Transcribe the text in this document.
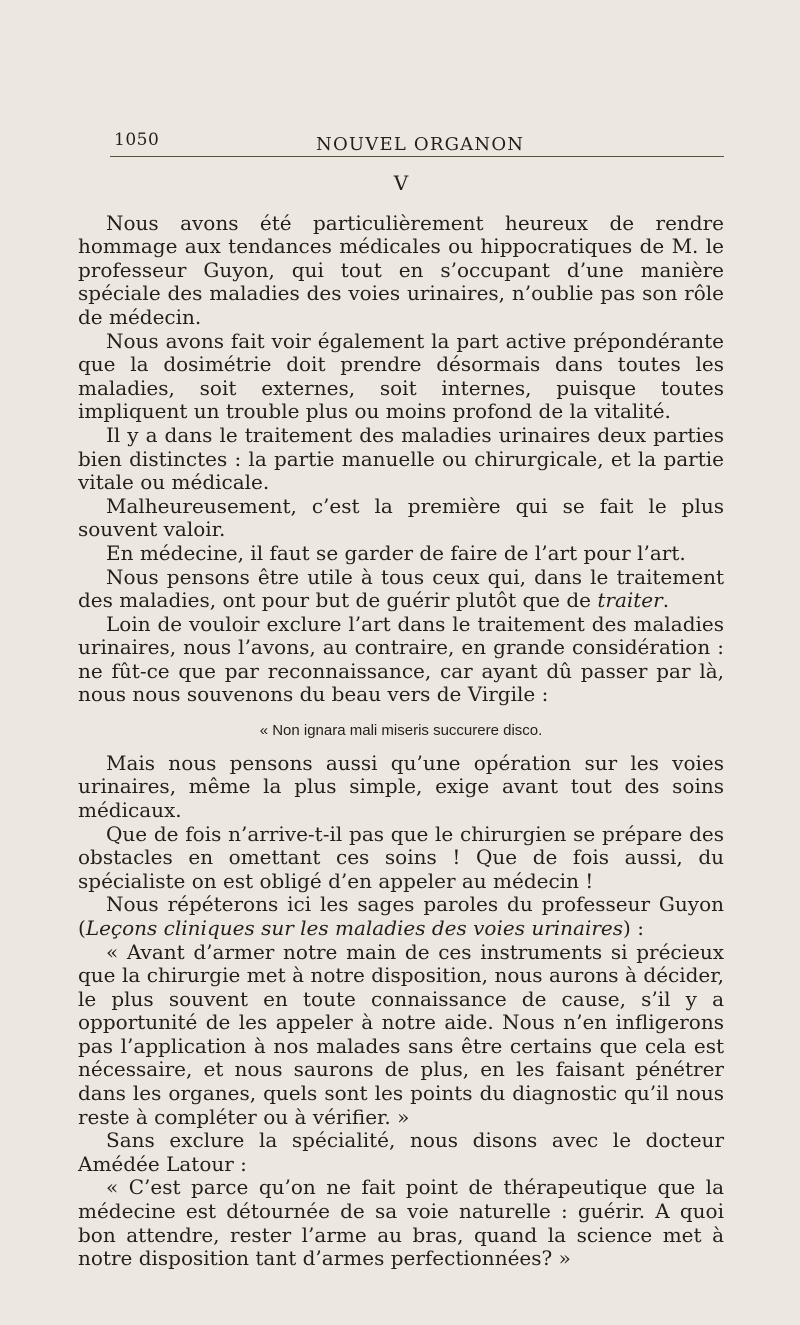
1050	NOUVEL ORGANON
V

Nous avons été particulièrement heureux de rendre hommage aux tendances médicales ou hippocratiques de M. le professeur Guyon, qui tout en s’occupant d’une manière spéciale des maladies des voies urinaires, n’oublie pas son rôle de médecin.

Nous avons fait voir également la part active prépondérante que la dosimétrie doit prendre désormais dans toutes les maladies, soit externes, soit internes, puisque toutes impliquent un trouble plus ou moins profond de la vitalité.

Il y a dans le traitement des maladies urinaires deux parties bien distinctes : la partie manuelle ou chirurgicale, et la partie vitale ou médicale.

Malheureusement, c’est la première qui se fait le plus souvent valoir.

En médecine, il faut se garder de faire de l’art pour l’art.

Nous pensons être utile à tous ceux qui, dans le traitement des maladies, ont pour but de guérir plutôt que de traiter.

Loin de vouloir exclure l’art dans le traitement des maladies urinaires, nous l’avons, au contraire, en grande considération : ne fût-ce que par reconnaissance, car ayant dû passer par là, nous nous souvenons du beau vers de Virgile :

« Non ignara mali miseris succurere disco.

Mais nous pensons aussi qu’une opération sur les voies urinaires, même la plus simple, exige avant tout des soins médicaux.

Que de fois n’arrive-t-il pas que le chirurgien se prépare des obstacles en omettant ces soins ! Que de fois aussi, du spécialiste on est obligé d’en appeler au médecin !

Nous répéterons ici les sages paroles du professeur Guyon (Leçons cliniques sur les maladies des voies urinaires) :

« Avant d’armer notre main de ces instruments si précieux que la chirurgie met à notre disposition, nous aurons à décider, le plus souvent en toute connaissance de cause, s’il y a opportunité de les appeler à notre aide. Nous n’en infligerons pas l’application à nos malades sans être certains que cela est nécessaire, et nous saurons de plus, en les faisant pénétrer dans les organes, quels sont les points du diagnostic qu’il nous reste à compléter ou à vérifier. »

Sans exclure la spécialité, nous disons avec le docteur Amédée Latour :

« C’est parce qu’on ne fait point de thérapeutique que la médecine est détournée de sa voie naturelle : guérir. A quoi bon attendre, rester l’arme au bras, quand la science met à notre disposition tant d’armes perfectionnées? »
